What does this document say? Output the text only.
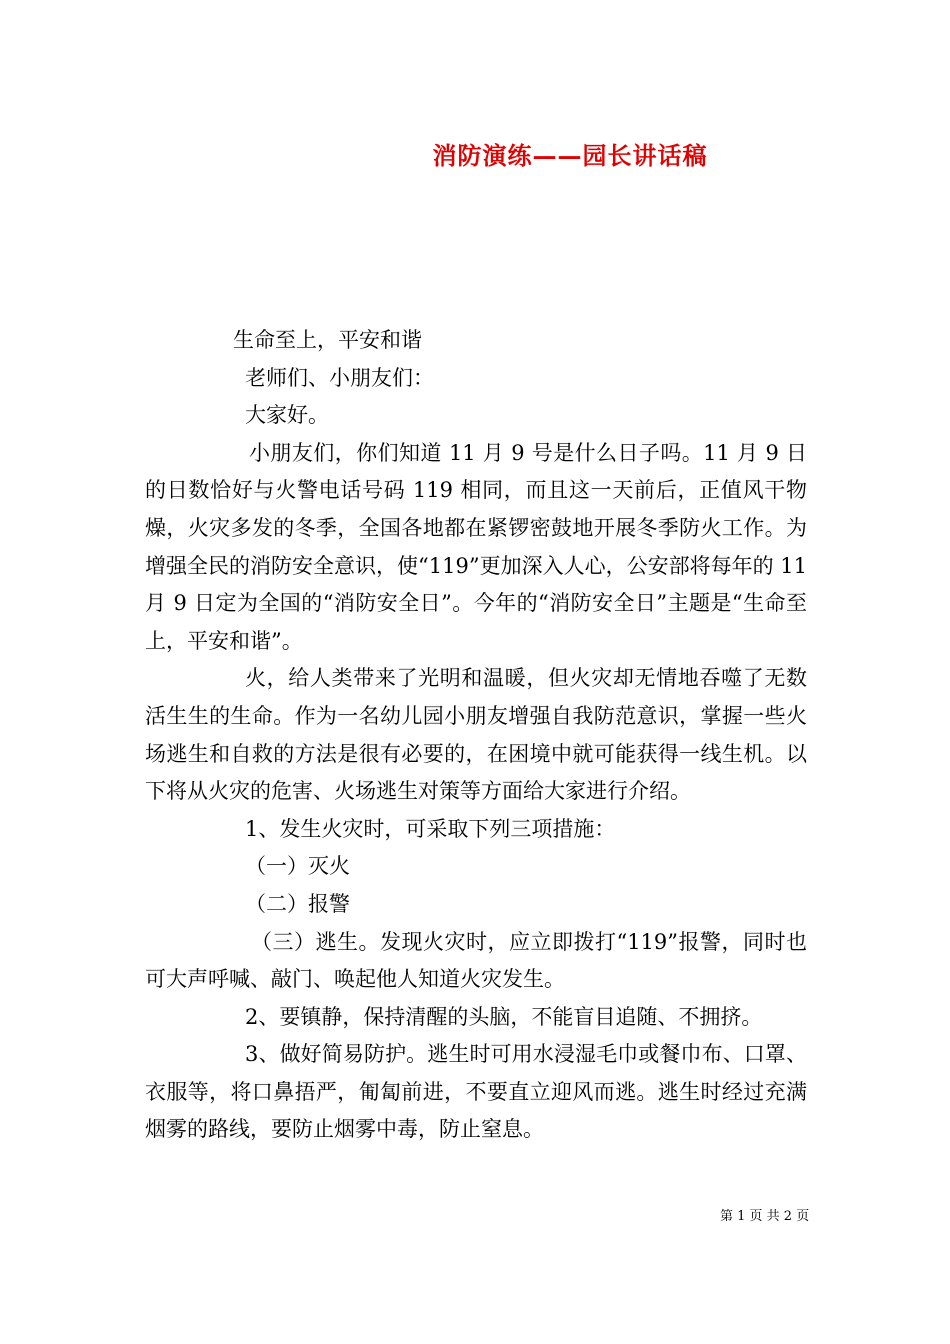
消防演练——园长讲话稿

生命至上，平安和谐

老师们、小朋友们：

大家好。

小朋友们，你们知道 11 月 9 号是什么日子吗。11 月 9 日的日数恰好与火警电话号码 119 相同，而且这一天前后，正值风干物燥，火灾多发的冬季，全国各地都在紧锣密鼓地开展冬季防火工作。为增强全民的消防安全意识，使“119”更加深入人心，公安部将每年的 11 月 9 日定为全国的“消防安全日”。今年的“消防安全日”主题是“生命至上，平安和谐”。

火，给人类带来了光明和温暖，但火灾却无情地吞噬了无数活生生的生命。作为一名幼儿园小朋友增强自我防范意识，掌握一些火场逃生和自救的方法是很有必要的，在困境中就可能获得一线生机。以下将从火灾的危害、火场逃生对策等方面给大家进行介绍。

1、发生火灾时，可采取下列三项措施：

（一）灭火

（二）报警

（三）逃生。发现火灾时，应立即拨打“119”报警，同时也可大声呼喊、敲门、唤起他人知道火灾发生。

2、要镇静，保持清醒的头脑，不能盲目追随、不拥挤。

3、做好简易防护。逃生时可用水浸湿毛巾或餐巾布、口罩、衣服等，将口鼻捂严，匍匐前进，不要直立迎风而逃。逃生时经过充满烟雾的路线，要防止烟雾中毒，防止窒息。

第 1 页 共 2 页
